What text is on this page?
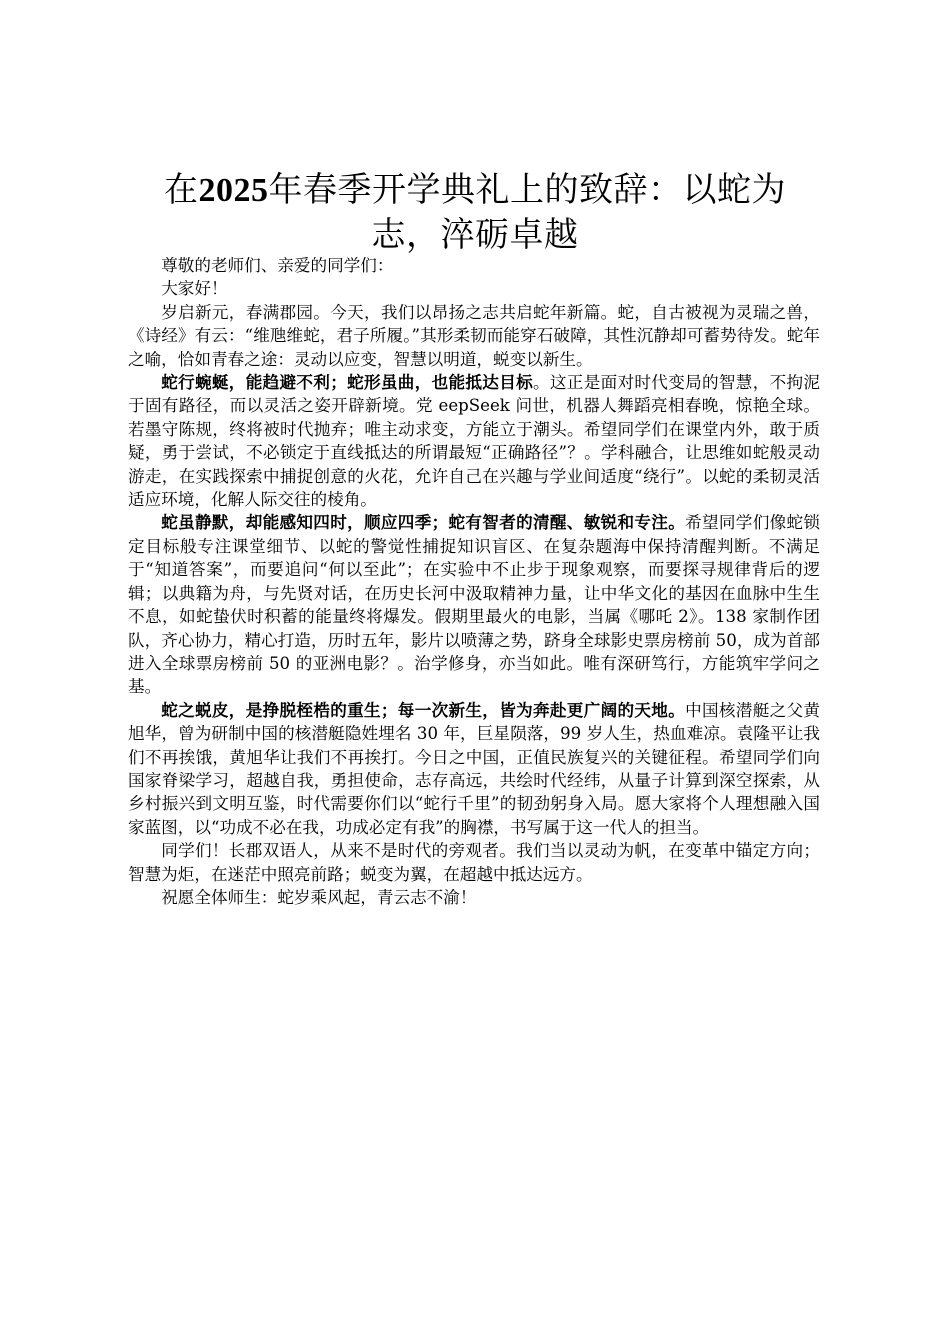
在2025年春季开学典礼上的致辞：以蛇为志，淬砺卓越

尊敬的老师们、亲爱的同学们：

大家好！

岁启新元，春满郡园。今天，我们以昂扬之志共启蛇年新篇。蛇，自古被视为灵瑞之兽，《诗经》有云：“维虺维蛇，君子所履。”其形柔韧而能穿石破障，其性沉静却可蓄势待发。蛇年之喻，恰如青春之途：灵动以应变，智慧以明道，蜕变以新生。

蛇行蜿蜒，能趋避不利；蛇形虽曲，也能抵达目标。这正是面对时代变局的智慧，不拘泥于固有路径，而以灵活之姿开辟新境。党 eepSeek 问世，机器人舞蹈亮相春晚，惊艳全球。若墨守陈规，终将被时代抛弃；唯主动求变，方能立于潮头。希望同学们在课堂内外，敢于质疑，勇于尝试，不必锁定于直线抵达的所谓最短“正确路径”？。学科融合，让思维如蛇般灵动游走，在实践探索中捕捉创意的火花，允许自己在兴趣与学业间适度“绕行”。以蛇的柔韧灵活适应环境，化解人际交往的棱角。

蛇虽静默，却能感知四时，顺应四季；蛇有智者的清醒、敏锐和专注。希望同学们像蛇锁定目标般专注课堂细节、以蛇的警觉性捕捉知识盲区、在复杂题海中保持清醒判断。不满足于“知道答案”，而要追问“何以至此”；在实验中不止步于现象观察，而要探寻规律背后的逻辑；以典籍为舟，与先贤对话，在历史长河中汲取精神力量，让中华文化的基因在血脉中生生不息，如蛇蛰伏时积蓄的能量终将爆发。假期里最火的电影，当属《哪吒 2》。138 家制作团队，齐心协力，精心打造，历时五年，影片以喷薄之势，跻身全球影史票房榜前 50，成为首部进入全球票房榜前 50 的亚洲电影？。治学修身，亦当如此。唯有深研笃行，方能筑牢学问之基。

蛇之蜕皮，是挣脱桎梏的重生；每一次新生，皆为奔赴更广阔的天地。中国核潜艇之父黄旭华，曾为研制中国的核潜艇隐姓埋名 30 年，巨星陨落，99 岁人生，热血难凉。袁隆平让我们不再挨饿，黄旭华让我们不再挨打。今日之中国，正值民族复兴的关键征程。希望同学们向国家脊梁学习，超越自我，勇担使命，志存高远，共绘时代经纬，从量子计算到深空探索，从乡村振兴到文明互鉴，时代需要你们以“蛇行千里”的韧劲躬身入局。愿大家将个人理想融入国家蓝图，以“功成不必在我，功成必定有我”的胸襟，书写属于这一代人的担当。

同学们！长郡双语人，从来不是时代的旁观者。我们当以灵动为帆，在变革中锚定方向；智慧为炬，在迷茫中照亮前路；蜕变为翼，在超越中抵达远方。

祝愿全体师生：蛇岁乘风起，青云志不渝！
